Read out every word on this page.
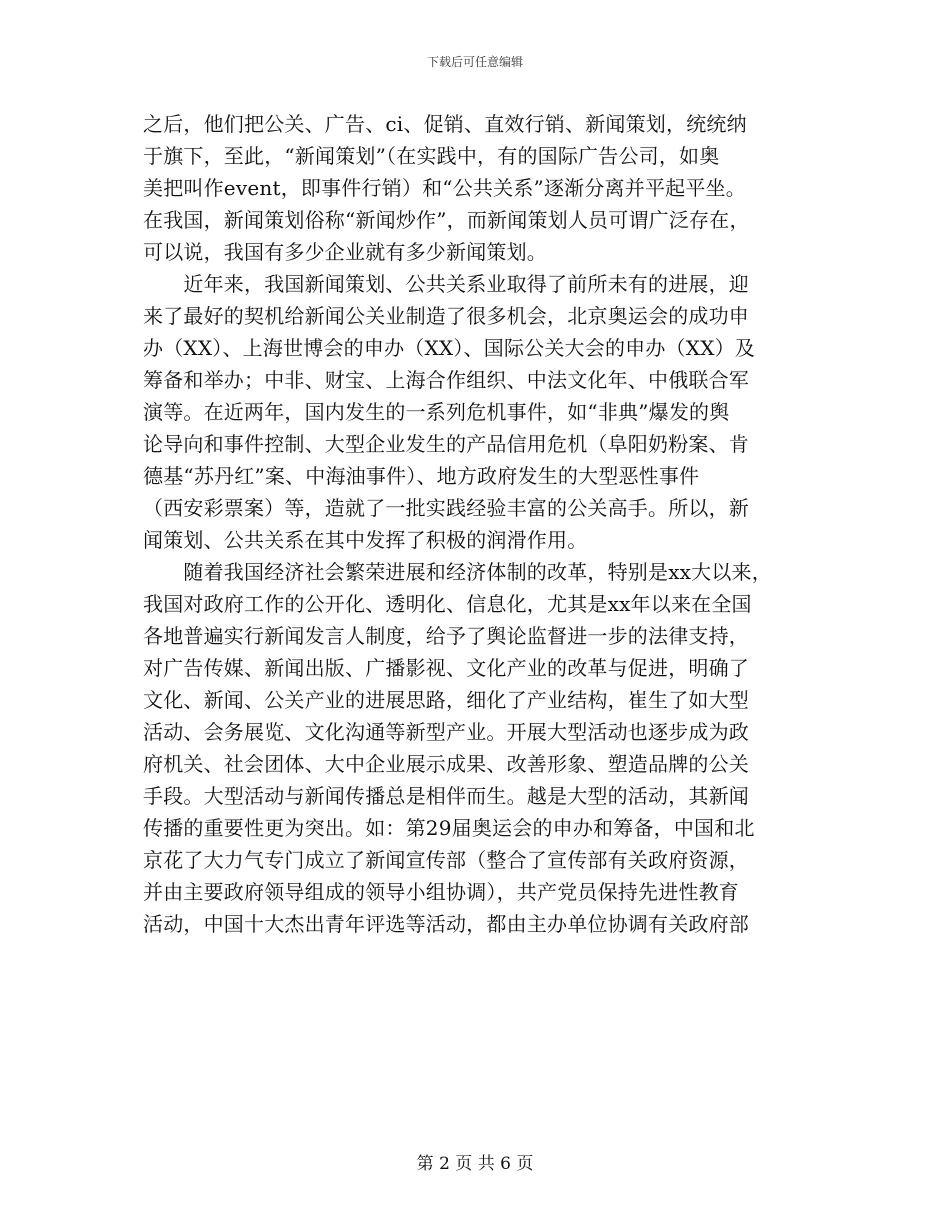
下载后可任意编辑
之后，他们把公关、广告、ci、促销、直效行销、新闻策划，统统纳
于旗下，至此，“新闻策划”（在实践中，有的国际广告公司，如奥
美把叫作event，即事件行销）和“公共关系”逐渐分离并平起平坐。
在我国，新闻策划俗称“新闻炒作”，而新闻策划人员可谓广泛存在，
可以说，我国有多少企业就有多少新闻策划。
　　近年来，我国新闻策划、公共关系业取得了前所未有的进展，迎
来了最好的契机给新闻公关业制造了很多机会，北京奥运会的成功申
办（XX）、上海世博会的申办（XX）、国际公关大会的申办（XX）及
筹备和举办；中非、财宝、上海合作组织、中法文化年、中俄联合军
演等。在近两年，国内发生的一系列危机事件，如“非典”爆发的舆
论导向和事件控制、大型企业发生的产品信用危机（阜阳奶粉案、肯
德基“苏丹红”案、中海油事件）、地方政府发生的大型恶性事件
（西安彩票案）等，造就了一批实践经验丰富的公关高手。所以，新
闻策划、公共关系在其中发挥了积极的润滑作用。
　　随着我国经济社会繁荣进展和经济体制的改革，特别是xx大以来，
我国对政府工作的公开化、透明化、信息化，尤其是xx年以来在全国
各地普遍实行新闻发言人制度，给予了舆论监督进一步的法律支持，
对广告传媒、新闻出版、广播影视、文化产业的改革与促进，明确了
文化、新闻、公关产业的进展思路，细化了产业结构，崔生了如大型
活动、会务展览、文化沟通等新型产业。开展大型活动也逐步成为政
府机关、社会团体、大中企业展示成果、改善形象、塑造品牌的公关
手段。大型活动与新闻传播总是相伴而生。越是大型的活动，其新闻
传播的重要性更为突出。如：第29届奥运会的申办和筹备，中国和北
京花了大力气专门成立了新闻宣传部（整合了宣传部有关政府资源，
并由主要政府领导组成的领导小组协调），共产党员保持先进性教育
活动，中国十大杰出青年评选等活动，都由主办单位协调有关政府部
第 2 页 共 6 页
